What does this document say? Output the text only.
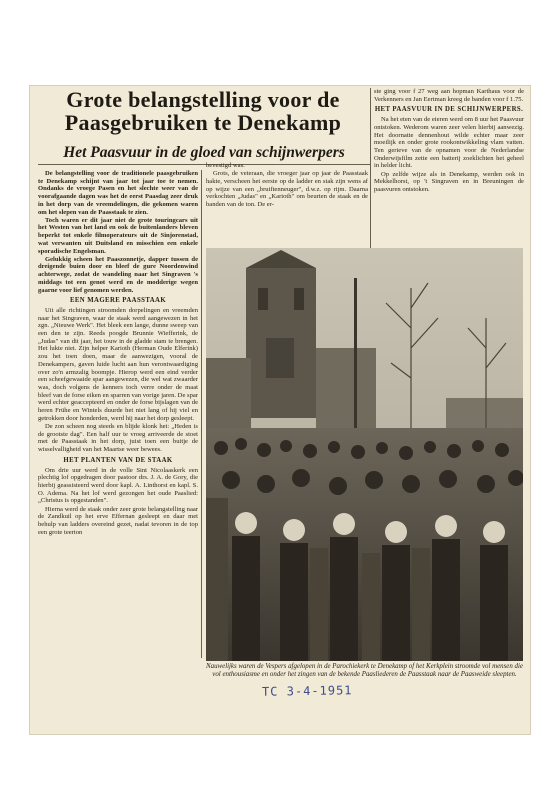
Grote belangstelling voor de
Paasgebruiken te Denekamp
Het Paasvuur in de gloed van schijnwerpers

De belangstelling voor de traditionele paasgebruiken te Denekamp schijnt van jaar tot jaar toe te nemen. Ondanks de vroege Pasen en het slechte weer van de voorafgaande dagen was het de eerst Paasdag zeer druk in het dorp van de vreemdelingen, die gekomen waren om het slepen van de Paasstaak te zien.

Toch waren er dit jaar niet de grote touringcars uit het Westen van het land en ook de buitenlanders bleven beperkt tot enkele filmoperateurs uit de Sinjorenstad, wat verwanten uit Duitsland en misschien een enkele sporadische Engelsman.

Gelukkig scheen het Paaszonnetje, dapper tussen de dreigende buien door en bleef de gure Noordenwind achterwege, zodat de wandeling naar het Singraven 's middags tot een genot werd en de modderige wegen gaarne voor lief genomen werden.

EEN MAGERE PAASSTAAK

Uit alle richtingen stroomden dorpelingen en vreemden naar het Singraven, waar de staak werd aangewezen in het zgn. „Nieuwe Werk". Het bleek een lange, dunne sweep van een den te zijn. Reeds poogde Brunnie Wiefferink, de „Judas" van dit jaar, het touw in de gladde stam te brengen. Het lukte niet. Zijn helper Karioth (Herman Oude Elferink) zou het toen doen, maar de aanwezigen, vooral de Denekampers, gaven luide lucht aan hun verontwaardiging over zo'n armzalig boompje. Hierop werd een eind verder een scheefgewaaide spar aangewezen, die wel wat zwaarder was, doch volgens de kenners toch verre onder de maat bleef van de forse eiken en sparren van vorige jaren. De spar werd echter geaccepteerd en onder de forse bijslagen van de heren Frühe en Wintels duurde het niet lang of hij viel en getrokken door honderden, werd hij naar het dorp gesleept.

De zon scheen nog steeds en blijde klonk het: „Heden is de grootste dag". Een half uur te vroeg arriveerde de stoet met de Paasstaak in het dorp, juist toen een buitje de wisselvalligheid van het Maartse weer bewees.

HET PLANTEN VAN DE STAAK

Om drie uur werd in de volle Sint Nicolaaskerk een plechtig lof opgedragen door pastoor drs. J. A. de Gory, die hierbij geassisteerd werd door kapl. A. Linthorst en kapl. S. O. Adema. Na het lof werd gezongen het oude Paaslied: „Christus is opgestanden".

Hierna werd de staak onder zeer grote belangstelling naar de Zandkuil op het erve Effernan gesleept en daar met behulp van ladders overeind gezet, nadat tevoren in de top een grote teerton

bevestigd was.

Grots, de veteraan, die vroeger jaar op jaar de Paasstaak hakte, verscheen het eerste op de ladder en stak zijn wens af op wijze van een „bruiftenneuger", d.w.z. op rijm. Daarna verkochten „Judas" en „Karioth" om beurten de staak en de banden van de ton. De er-

ste ging voor f 27 weg aan hopman Karthaus voor de Verkenners en Jan Eertman kreeg de banden voor f 1.75.

HET PAASVUUR IN DE SCHIJNWERPERS.

Na het eten van de eieren werd om 8 uur het Paasvuur ontstoken. Wederom waren zeer velen hierbij aanwezig. Het doornatte dennenhout wilde echter maar zeer moeilijk en onder grote rookontwikkeling vlam vatten. Ten gerieve van de opnamen voor de Nederlandse Onderwijsfilm zette een batterij zoeklichten het geheel in helder licht.

Op zelfde wijze als in Denekamp, werden ook in Mekkelhorst, op 't Singraven en in Breuningen de paasvuren ontstoken.

Nauwelijks waren de Vespers afgelopen in de Parochiekerk te Denekamp of het Kerkplein stroomde vol mensen die vol enthousiasme en onder het zingen van de bekende Paasliederen de Paasstaak naar de Paasweide sleepten.
TC 3-4-1951
